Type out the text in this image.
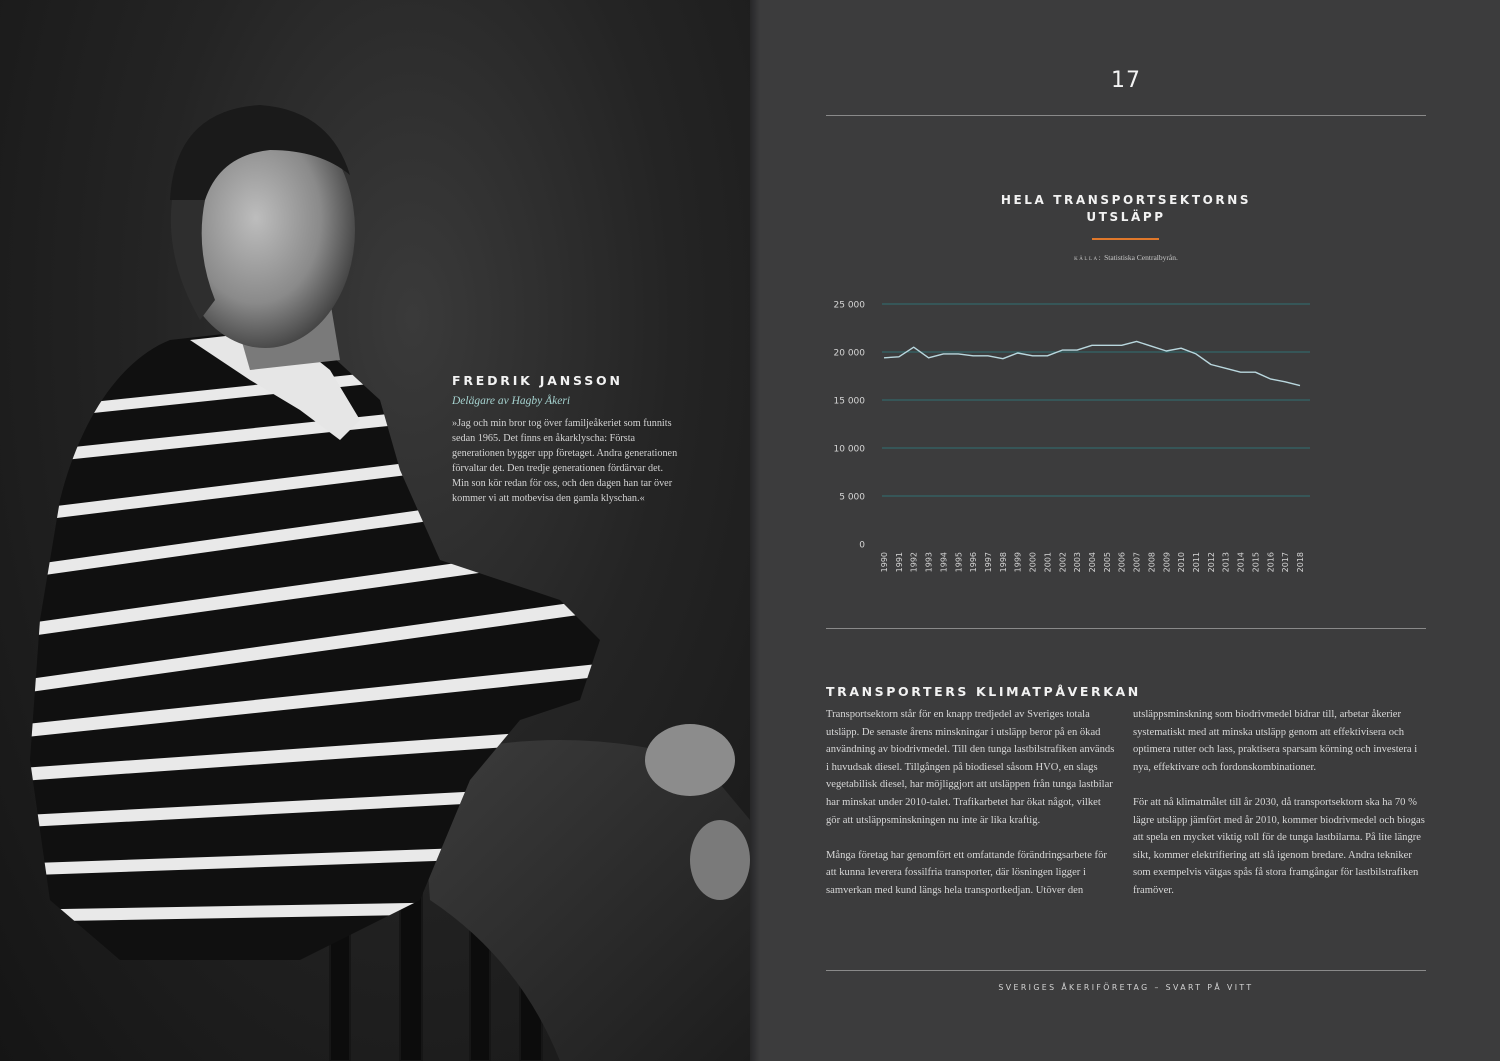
FREDRIK JANSSON
Delägare av Hagby Åkeri
»Jag och min bror tog över familjeåkeriet som funnits sedan 1965. Det finns en åkarklyscha: Första generationen bygger upp företaget. Andra generationen förvaltar det. Den tredje generationen fördärvar det. Min son kör redan för oss, och den dagen han tar över kommer vi att motbevisa den gamla klyschan.«
17
HELA TRANSPORTSEKTORNS
UTSLÄPP
källa: Statistiska Centralbyrån.
0
5 000
10 000
15 000
20 000
25 000
1990 1991 1992 1993 1994 1995 1996 1997 1998 1999 2000 2001 2002 2003 2004 2005 2006 2007 2008 2009 2010 2011 2012 2013 2014 2015 2016 2017 2018
TRANSPORTERS KLIMATPÅVERKAN

Transportsektorn står för en knapp tredjedel av Sveriges totala utsläpp. De senaste årens minskningar i utsläpp beror på en ökad användning av biodrivmedel. Till den tunga lastbilstrafiken används i huvudsak diesel. Tillgången på biodiesel såsom HVO, en slags vegetabilisk diesel, har möjliggjort att utsläppen från tunga lastbilar har minskat under 2010-talet. Trafikarbetet har ökat något, vilket gör att utsläppsminskningen nu inte är lika kraftig.

Många företag har genomfört ett omfattande förändringsarbete för att kunna leverera fossilfria transporter, där lösningen ligger i samverkan med kund längs hela transportkedjan. Utöver den

utsläppsminskning som biodrivmedel bidrar till, arbetar åkerier systematiskt med att minska utsläpp genom att effektivisera och optimera rutter och lass, praktisera sparsam körning och investera i nya, effektivare och fordonskombinationer.

För att nå klimatmålet till år 2030, då transportsektorn ska ha 70 % lägre utsläpp jämfört med år 2010, kommer biodrivmedel och biogas att spela en mycket viktig roll för de tunga lastbilarna. På lite längre sikt, kommer elektrifiering att slå igenom bredare. Andra tekniker som exempelvis vätgas spås få stora framgångar för lastbilstrafiken framöver.

SVERIGES ÅKERIFÖRETAG – SVART PÅ VITT
